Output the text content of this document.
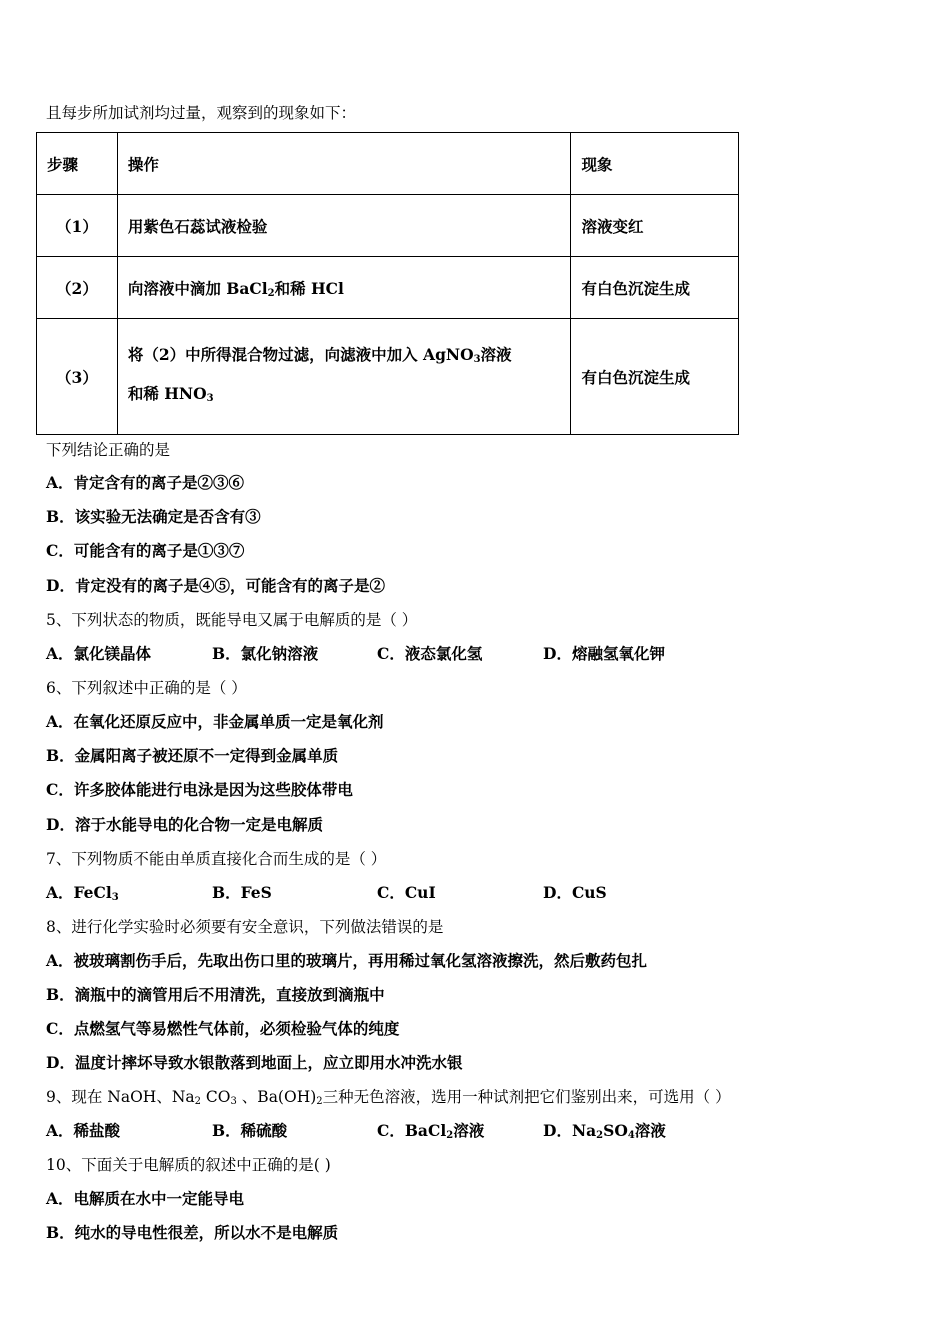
且每步所加试剂均过量，观察到的现象如下：
步骤	操作	现象
（1）	用紫色石蕊试液检验	溶液变红
（2）	向溶液中滴加 BaCl$_2$和稀 HCl	有白色沉淀生成
（3）	将（2）中所得混合物过滤，向滤液中加入 AgNO$_3$溶液
和稀 $HNO_3$	有白色沉淀生成
下列结论正确的是
A．肯定含有的离子是②③⑥
B．该实验无法确定是否含有③
C．可能含有的离子是①③⑦
D．肯定没有的离子是④⑤，可能含有的离子是②
5、下列状态的物质，既能导电又属于电解质的是（ ）
A．氯化镁晶体	B．氯化钠溶液	C．液态氯化氢	D．熔融氢氧化钾
6、下列叙述中正确的是（ ）
A．在氧化还原反应中，非金属单质一定是氧化剂
B．金属阳离子被还原不一定得到金属单质
C．许多胶体能进行电泳是因为这些胶体带电
D．溶于水能导电的化合物一定是电解质
7、下列物质不能由单质直接化合而生成的是（ ）
A．FeCl$_3$	B．FeS	C．CuI	D．CuS
8、进行化学实验时必须要有安全意识，下列做法错误的是
A．被玻璃割伤手后，先取出伤口里的玻璃片，再用稀过氧化氢溶液擦洗，然后敷药包扎
B．滴瓶中的滴管用后不用清洗，直接放到滴瓶中
C．点燃氢气等易燃性气体前，必须检验气体的纯度
D．温度计摔坏导致水银散落到地面上，应立即用水冲洗水银
9、现在 NaOH、$Na_2$ $CO_3$ 、$Ba(OH)_2$三种无色溶液，选用一种试剂把它们鉴别出来，可选用（ ）
A．稀盐酸	B．稀硫酸	C．BaCl$_2$溶液	D．$Na_2SO_4$溶液
10、下面关于电解质的叙述中正确的是( )
A．电解质在水中一定能导电
B．纯水的导电性很差，所以水不是电解质
